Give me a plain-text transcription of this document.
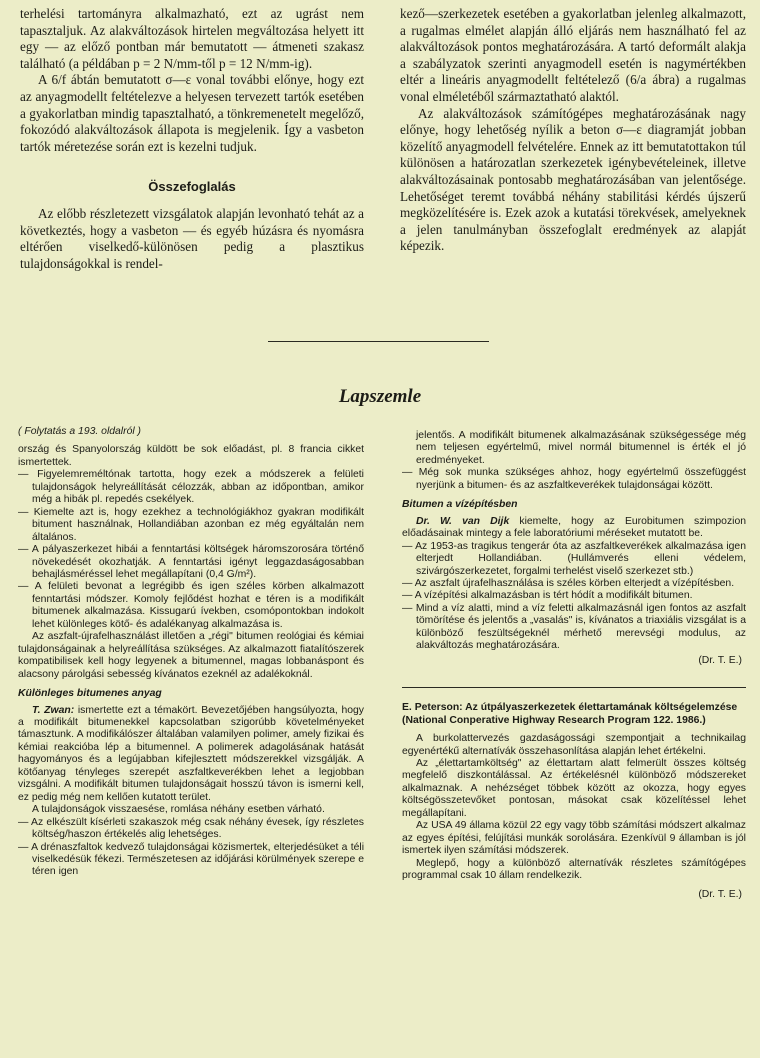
terhelési tartományra alkalmazható, ezt az ugrást nem tapasztaljuk. Az alakváltozások hirtelen megváltozása helyett itt egy — az előző pontban már bemutatott — átmeneti szakasz található (a példában p = 2 N/mm-től p = 12 N/mm-ig).

A 6/f ábtán bemutatott σ—ε vonal további előnye, hogy ezt az anyagmodellt feltételezve a helyesen tervezett tartók esetében a gyakorlatban mindig tapasztalható, a tönkremenetelt megelőző, fokozódó alakváltozások állapota is megjelenik. Így a vasbeton tartók méretezése során ezt is kezelni tudjuk.

Összefoglalás

Az előbb részletezett vizsgálatok alapján levonható tehát az a következtés, hogy a vasbeton — és egyéb húzásra és nyomásra eltérően viselkedő-különösen pedig a plasztikus tulajdonságokkal is rendel-

kező—szerkezetek esetében a gyakorlatban jelenleg alkalmazott, a rugalmas elmélet alapján álló eljárás nem használható fel az alakváltozások pontos meghatározására. A tartó deformált alakja a szabályzatok szerinti anyagmodell esetén is nagymértékben eltér a lineáris anyagmodellt feltételező (6/a ábra) a rugalmas vonal elméletéből származtatható alaktól.

Az alakváltozások számítógépes meghatározásának nagy előnye, hogy lehetőség nyílik a beton σ—ε diagramját jobban közelítő anyagmodell felvételére. Ennek az itt bemutatottakon túl különösen a határozatlan szerkezetek igénybevételeinek, illetve alakváltozásainak pontosabb meghatározásában van jelentősége. Lehetőséget teremt továbbá néhány stabilitási kérdés újszerű megközelítésére is. Ezek azok a kutatási törekvések, amelyeknek a jelen tanulmányban összefoglalt eredmények az alapját képezik.

Lapszemle

( Folytatás a 193. oldalról )

ország és Spanyolország küldött be sok előadást, pl. 8 francia cikket ismertettek.

— Figyelemreméltónak tartotta, hogy ezek a módszerek a felületi tulajdonságok helyreállítását célozzák, abban az időpontban, amikor még a hibák pl. repedés csekélyek.

— Kiemelte azt is, hogy ezekhez a technológiákhoz gyakran modifikált bitument használnak, Hollandiában azonban ez még egyáltalán nem általános.

— A pályaszerkezet hibái a fenntartási költségek háromszorosára történő növekedését okozhatják. A fenntartási igényt leggazdaságosabban behajlásméréssel lehet megállapítani (0,4 G/m²).

— A felületi bevonat a legrégibb és igen széles körben alkalmazott fenntartási módszer. Komoly fejlődést hozhat e téren is a modifikált bitumenek alkalmazása. Kissugarú ívekben, csomópontokban indokolt lehet különleges kötő- és adalékanyag alkalmazása is.

Az aszfalt-újrafelhasználást illetően a „régi" bitumen reológiai és kémiai tulajdonságainak a helyreállítása szükséges. Az alkalmazott fiatalítószerek kompatibilisek kell hogy legyenek a bitumennel, magas lobbanáspont és alacsony párolgási sebesség kívánatos ezeknél az adalékoknál.

Különleges bitumenes anyag

T. Zwan: ismertette ezt a témakört. Bevezetőjében hangsúlyozta, hogy a modifikált bitumenekkel kapcsolatban szigorúbb követelményeket támasztunk. A modifikálószer általában valamilyen polimer, amely fizikai és kémiai reakcióba lép a bitumennel. A polimerek adagolásának hatását hagyományos és a legújabban kifejlesztett módszerekkel vizsgálják. A kötőanyag tényleges szerepét aszfaltkeverékben lehet a legjobban vizsgálni. A modifikált bitumen tulajdonságait hosszú távon is ismerni kell, ez pedig még nem kellően kutatott terület.

A tulajdonságok visszaesése, romlása néhány esetben várható.

— Az elkészült kísérleti szakaszok még csak néhány évesek, így részletes költség/haszon értékelés alig lehetséges.

— A drénaszfaltok kedvező tulajdonságai közismertek, elterjedésüket a téli viselkedésük fékezi. Természetesen az időjárási körülmények szerepe e téren igen

jelentős. A modifikált bitumenek alkalmazásának szükségessége még nem teljesen egyértelmű, mivel normál bitumennel is érték el jó eredményeket.

— Még sok munka szükséges ahhoz, hogy egyértelmű összefüggést nyerjünk a bitumen- és az aszfaltkeverékek tulajdonságai között.

Bitumen a vízépítésben

Dr. W. van Dijk kiemelte, hogy az Eurobitumen szimpozion előadásainak mintegy a fele laboratóriumi méréseket mutatott be.

— Az 1953-as tragikus tengerár óta az aszfaltkeverékek alkalmazása igen elterjedt Hollandiában. (Hullámverés elleni védelem, szivárgószerkezetet, forgalmi terhelést viselő szerkezet stb.)

— Az aszfalt újrafelhasználása is széles körben elterjedt a vízépítésben.

— A vízépítési alkalmazásban is tért hódít a modifikált bitumen.

— Mind a víz alatti, mind a víz feletti alkalmazásnál igen fontos az aszfalt tömörítése és jelentős a „vasalás" is, kívánatos a triaxiális vizsgálat is a különböző feszültségeknél mérhető merevségi modulus, az alakváltozás meghatározására.

(Dr. T. E.)

E. Peterson: Az útpályaszerkezetek élettartamának költségelemzése (National Conperative Highway Research Program 122. 1986.)

A burkolattervezés gazdaságossági szempontjait a technikailag egyenértékű alternatívák összehasonlítása alapján lehet értékelni.

Az „élettartamköltség" az élettartam alatt felmerült összes költség megfelelő diszkontálással. Az értékelésnél különböző módszereket alkalmaznak. A nehézséget többek között az okozza, hogy egyes költségösszetevőket pontosan, másokat csak közelítéssel lehet megállapítani.

Az USA 49 állama közül 22 egy vagy több számítási módszert alkalmaz az egyes építési, felújítási munkák sorolására. Ezenkívül 9 államban is jól ismertek ilyen számítási módszerek.

Meglepő, hogy a különböző alternatívák részletes számítógépes programmal csak 10 állam rendelkezik.

(Dr. T. E.)
